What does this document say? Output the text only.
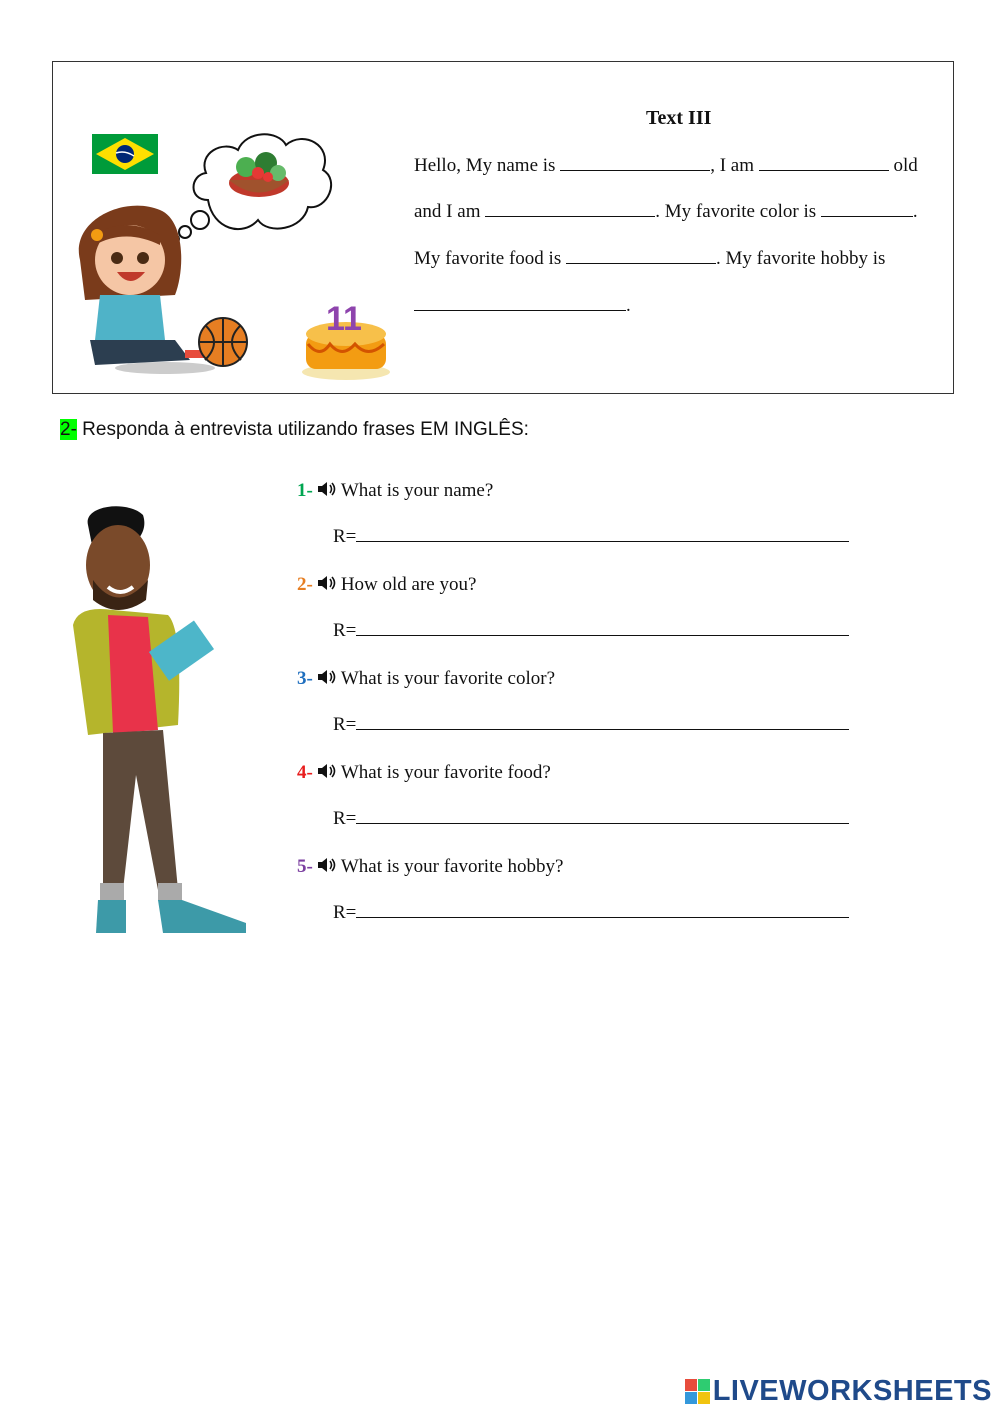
11
Text III
Hello, My name is	, I am	old
and I am	. My favorite color is	.
My favorite food is	. My favorite hobby is
.
2- Responda à entrevista utilizando frases EM INGLÊS:
1- What is your name?
R=
2- How old are you?
R=
3- What is your favorite color?
R=
4- What is your favorite food?
R=
5- What is your favorite hobby?
R=
LIVEWORKSHEETS
